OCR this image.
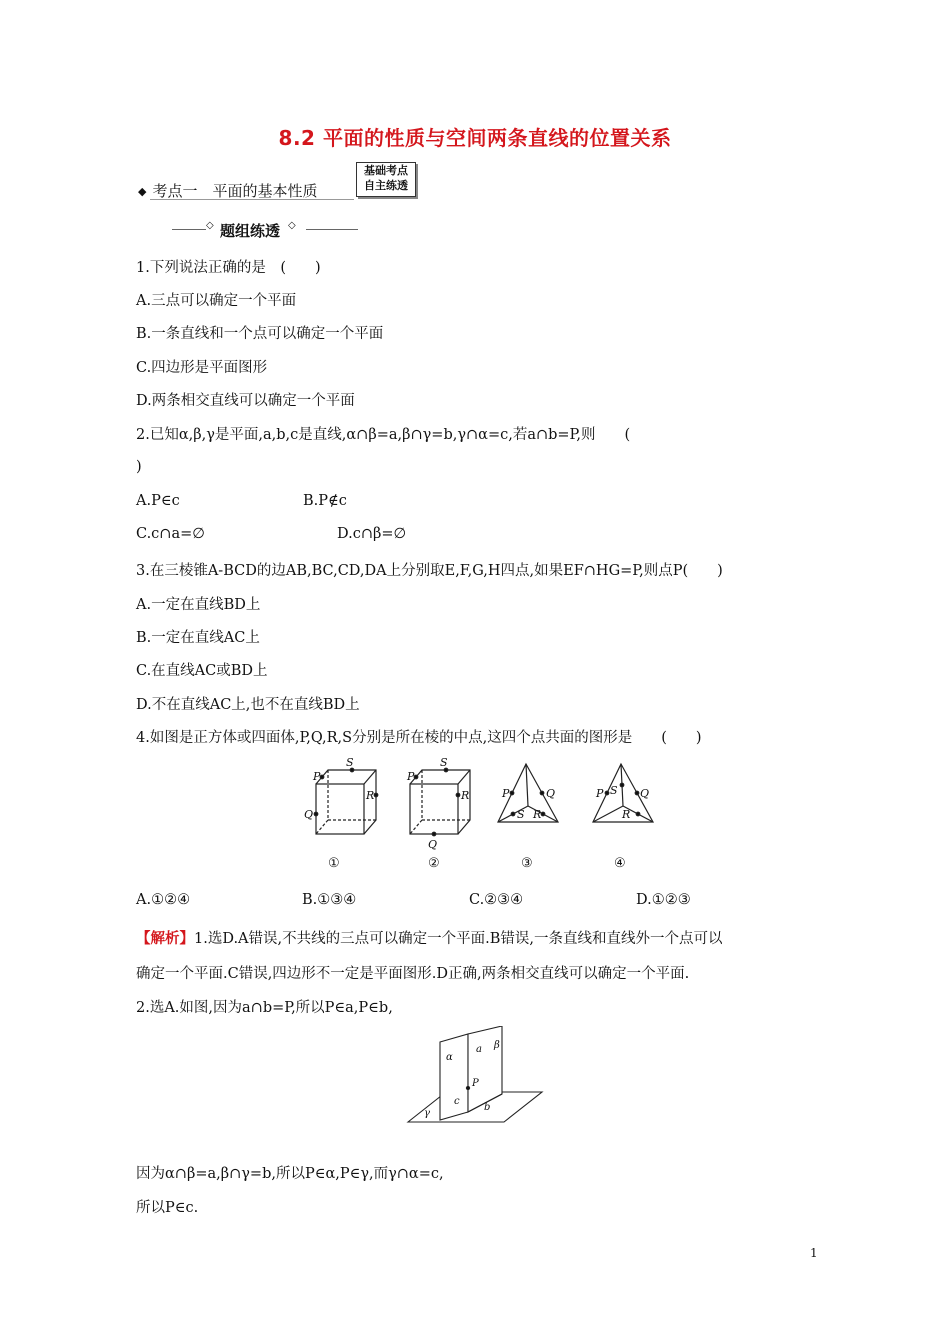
8.2 平面的性质与空间两条直线的位置关系
◆ 考点一　平面的基本性质
基础考点
自主练透
◇ 题组练透 ◇
1.下列说法正确的是　(　　)
A.三点可以确定一个平面
B.一条直线和一个点可以确定一个平面
C.四边形是平面图形
D.两条相交直线可以确定一个平面
2.已知α,β,γ是平面,a,b,c是直线,α∩β=a,β∩γ=b,γ∩α=c,若a∩b=P,则　　(
)
A.P∈c	B.P∉c
C.c∩a=∅	D.c∩β=∅
3.在三棱锥A-BCD的边AB,BC,CD,DA上分别取E,F,G,H四点,如果EF∩HG=P,则点P(　　)
A.一定在直线BD上
B.一定在直线AC上
C.在直线AC或BD上
D.不在直线AC上,也不在直线BD上
4.如图是正方体或四面体,P,Q,R,S分别是所在棱的中点,这四个点共面的图形是　　(　　)
P
S
R
Q
P
S
R
Q
P	Q
S R
P	Q
S
R
①	②	③	④
A.①②④	B.①③④	C.②③④	D.①②③
【解析】1.选D.A错误,不共线的三点可以确定一个平面.B错误,一条直线和直线外一个点可以
确定一个平面.C错误,四边形不一定是平面图形.D正确,两条相交直线可以确定一个平面.
2.选A.如图,因为a∩b=P,所以P∈a,P∈b,
α
a β
P
c
b
γ
因为α∩β=a,β∩γ=b,所以P∈α,P∈γ,而γ∩α=c,
所以P∈c.
1
